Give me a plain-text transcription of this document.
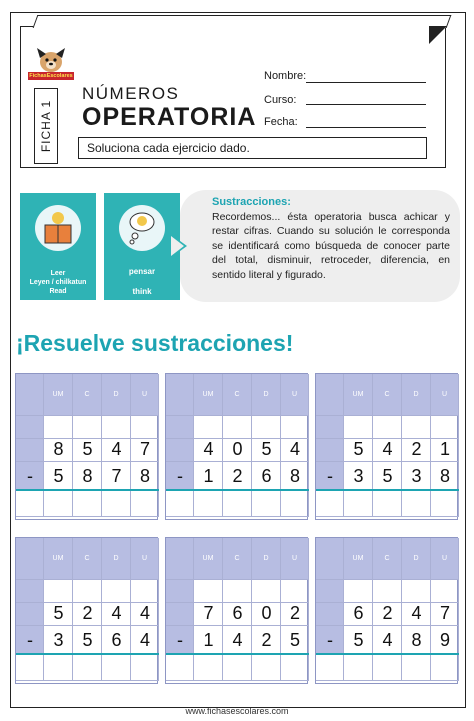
FichasEscolares
FICHA 1
NÚMEROS
OPERATORIA
Nombre:
Curso:
Fecha:
Soluciona cada ejercicio dado.
Leer
Leyen / chilkatun
Read
pensar
think
Sustracciones:
Recordemos... ésta operatoria busca achicar y restar cifras. Cuando su solución le corresponda se identificará como búsqueda de conocer parte del total, disminuir, retroceder, diferencia, en sentido literal y figurado.
¡Resuelve sustracciones!
UM	C	D	U
8	5	4	7
5	8	7	8
-
UM	C	D	U
4	0	5	4
1	2	6	8
-
UM	C	D	U
5	4	2	1
3	5	3	8
-
UM	C	D	U
5	2	4	4
3	5	6	4
-
UM	C	D	U
7	6	0	2
1	4	2	5
-
UM	C	D	U
6	2	4	7
5	4	8	9
-
www.fichasescolares.com
